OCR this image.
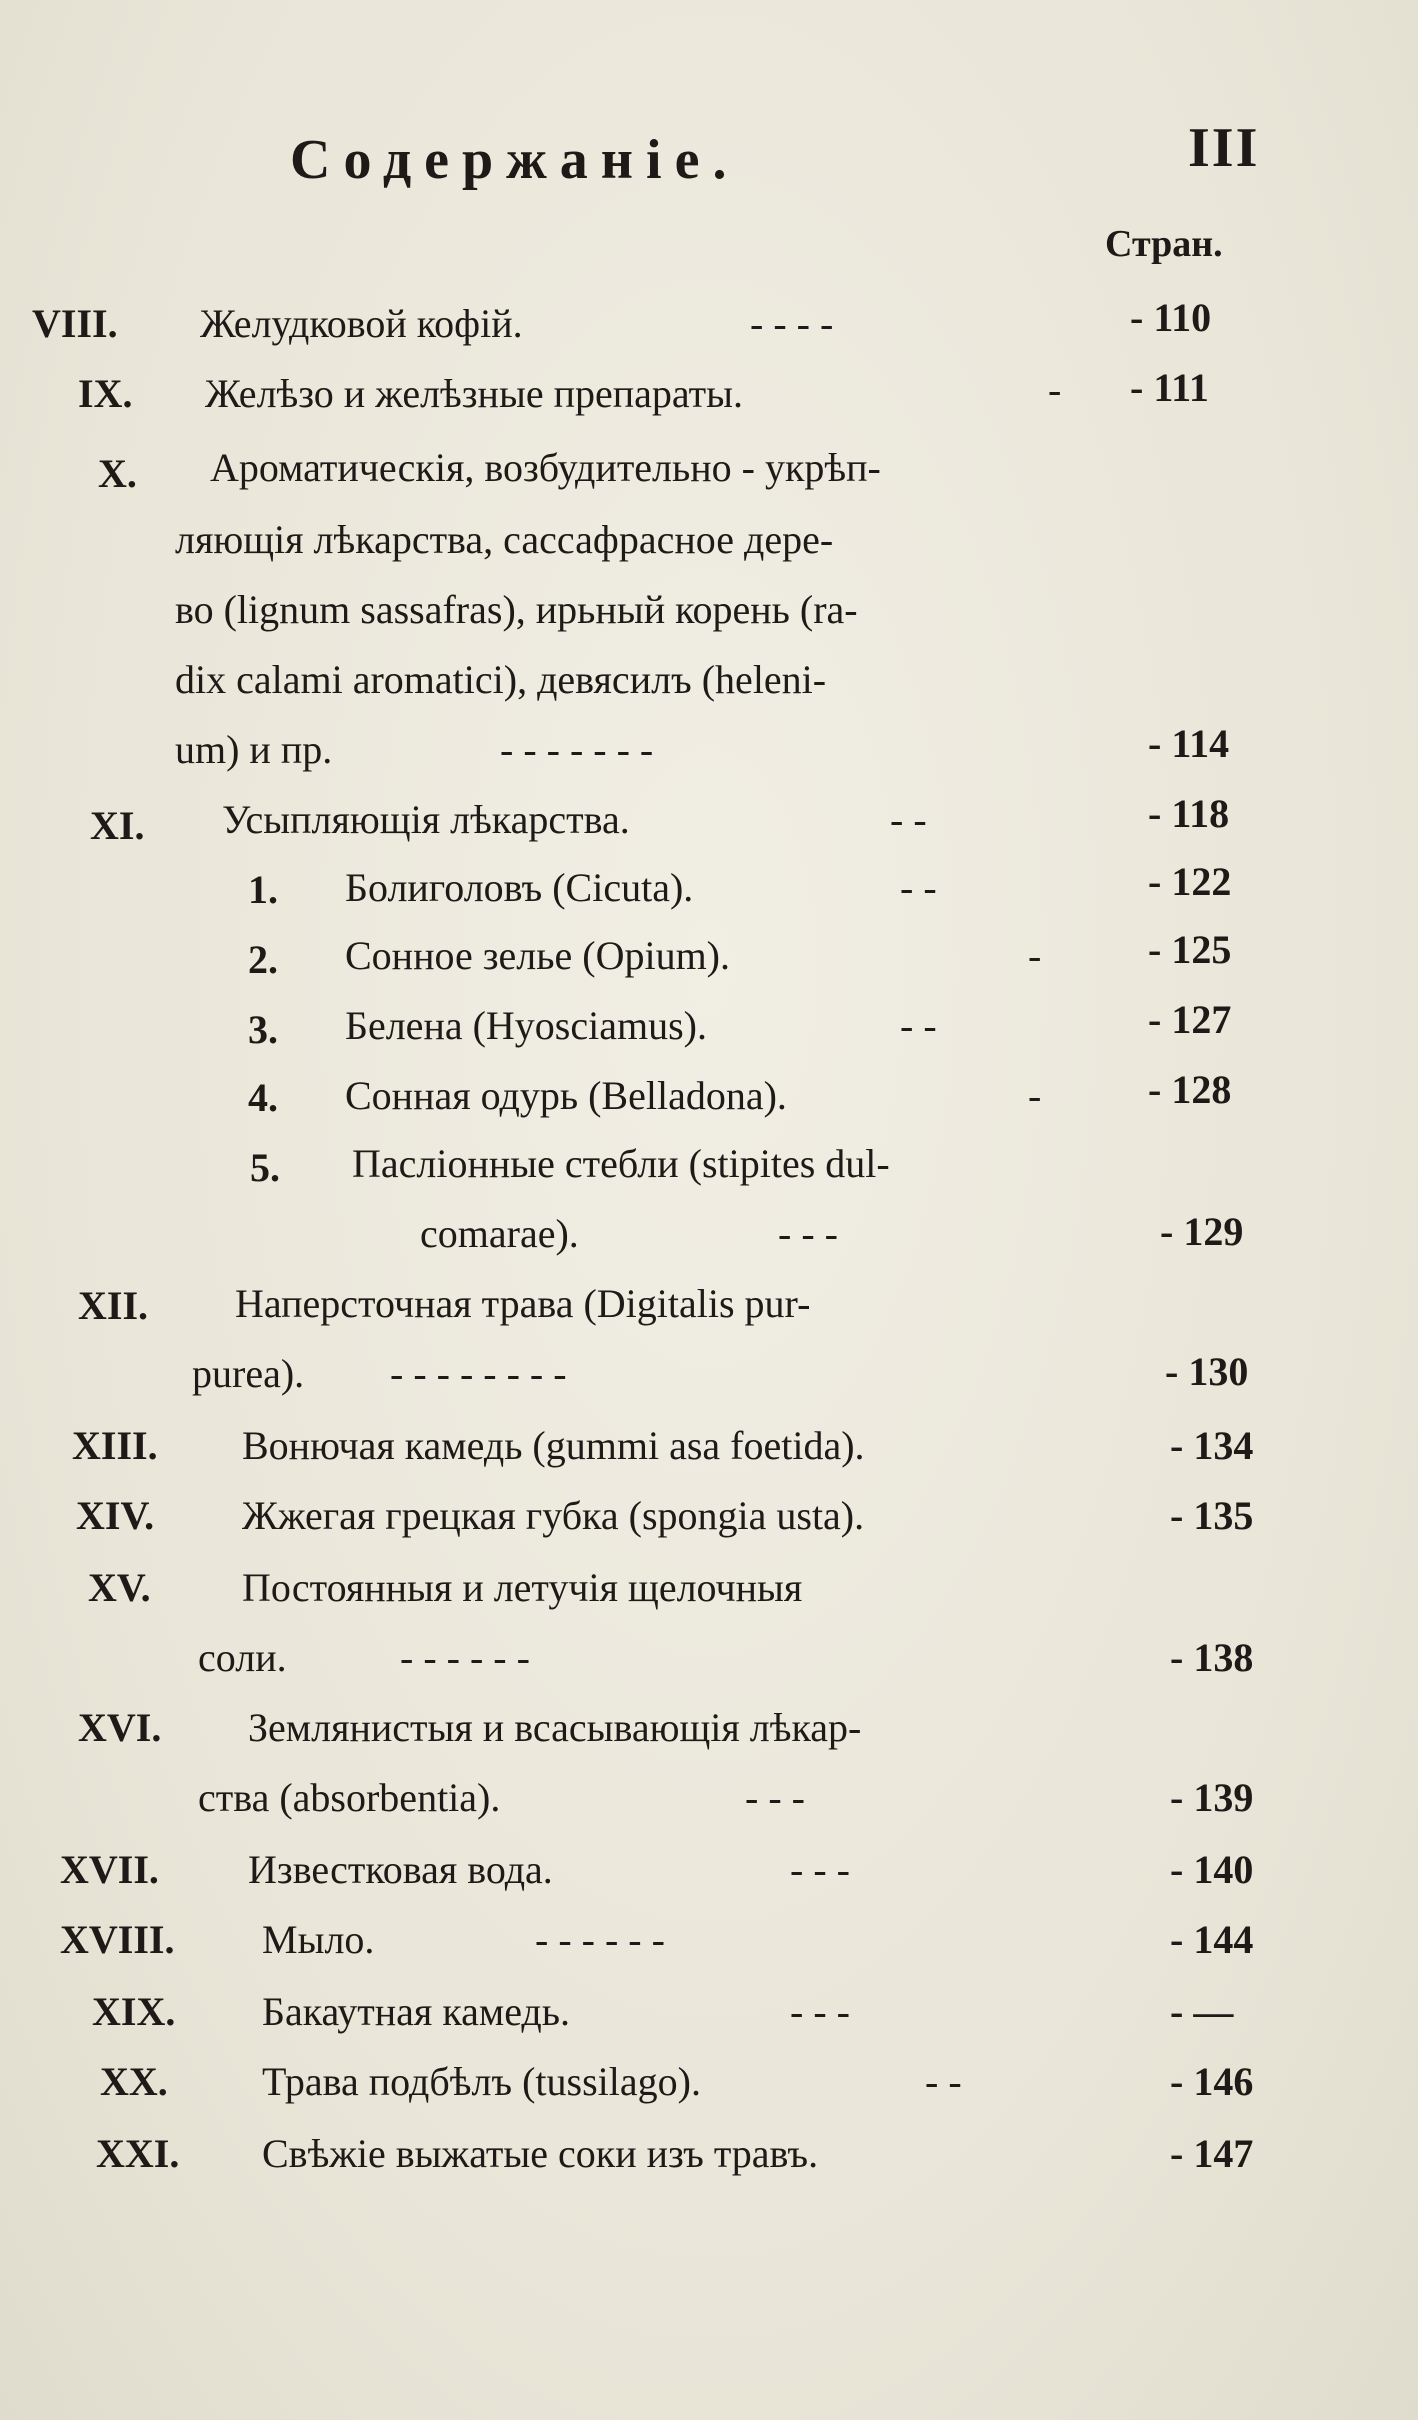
Содержаніе.	III
Стран.
VIII. Желудковой кофій.	- - - -	- 110
IX. Желѣзо и желѣзные препараты.	- - 111
X. Ароматическія, возбудительно - укрѣп-
ляющія лѣкарства, сассафрасное дере-
во (lignum sassafras), ирьный корень (ra-
dix calami aromatici), девясилъ (heleni-
um) и пр.	- - - - - - -	- 114
XI. Усыпляющія лѣкарства.	- -	- 118
1. Болиголовъ (Cicuta).	- -	- 122
2. Сонное зелье (Opium).	-	- 125
3. Белена (Hyosciamus).	- -	- 127
4. Сонная одурь (Belladona).	-	- 128
5. Пасліонные стебли (stipites dul-
comarae).	- - -	- 129
XII. Наперсточная трава (Digitalis pur-
purea). - - - - - - - -	- 130
XIII. Вонючая камедь (gummi asa foetida).	- 134
XIV. Жжегая грецкая губка (spongia usta).	- 135
XV. Постоянныя и летучія щелочныя
соли.	- - - - - -	- 138
XVI. Землянистыя и всасывающія лѣкар-
ства (absorbentia).	- - -	- 139
XVII. Известковая вода.	- - -	- 140
XVIII. Мыло.	- - - - - -	- 144
XIX. Бакаутная камедь.	- - -	- —
XX. Трава подбѣлъ (tussilago).	- -	- 146
XXI. Свѣжіе выжатые соки изъ травъ.	- 147
